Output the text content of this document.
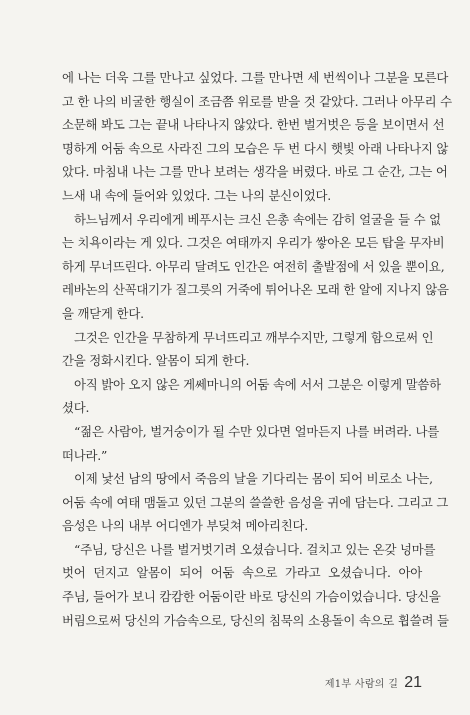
에 나는 더욱 그를 만나고 싶었다. 그를 만나면 세 번씩이나 그분을 모른다
고 한 나의 비굴한 행실이 조금쯤 위로를 받을 것 같았다. 그러나 아무리 수
소문해 봐도 그는 끝내 나타나지 않았다. 한번 벌거벗은 등을 보이면서 선
명하게 어둠 속으로 사라진 그의 모습은 두 번 다시 햇빛 아래 나타나지 않
았다. 마침내 나는 그를 만나 보려는 생각을 버렸다. 바로 그 순간, 그는 어
느새 내 속에 들어와 있었다. 그는 나의 분신이었다.
하느님께서 우리에게 베푸시는 크신 은총 속에는 감히 얼굴을 들 수 없
는 치욕이라는 게 있다. 그것은 여태까지 우리가 쌓아온 모든 탑을 무자비
하게 무너뜨린다. 아무리 달려도 인간은 여전히 출발점에 서 있을 뿐이요,
레바논의 산꼭대기가 질그릇의 거죽에 튀어나온 모래 한 알에 지나지 않음
을 깨닫게 한다.
그것은 인간을 무참하게 무너뜨리고 깨부수지만, 그렇게 함으로써 인
간을 정화시킨다. 알몸이 되게 한다.
아직 밝아 오지 않은 게쎄마니의 어둠 속에 서서 그분은 이렇게 말씀하
셨다.
“젊은 사람아, 벌거숭이가 될 수만 있다면 얼마든지 나를 버려라. 나를
떠나라.”
이제 낯선 남의 땅에서 죽음의 날을 기다리는 몸이 되어 비로소 나는,
어둠 속에 여태 맴돌고 있던 그분의 쓸쓸한 음성을 귀에 담는다. 그리고 그
음성은 나의 내부 어디엔가 부딪쳐 메아리친다.
“주님, 당신은 나를 벌거벗기려 오셨습니다. 걸치고 있는 온갖 넝마를
벗어 던지고 알몸이 되어 어둠 속으로 가라고 오셨습니다. 아아
주님, 들어가 보니 캄캄한 어둠이란 바로 당신의 가슴이었습니다. 당신을
버림으로써 당신의 가슴속으로, 당신의 침묵의 소용돌이 속으로 휩쓸려 들
제1부 사람의 길 21
